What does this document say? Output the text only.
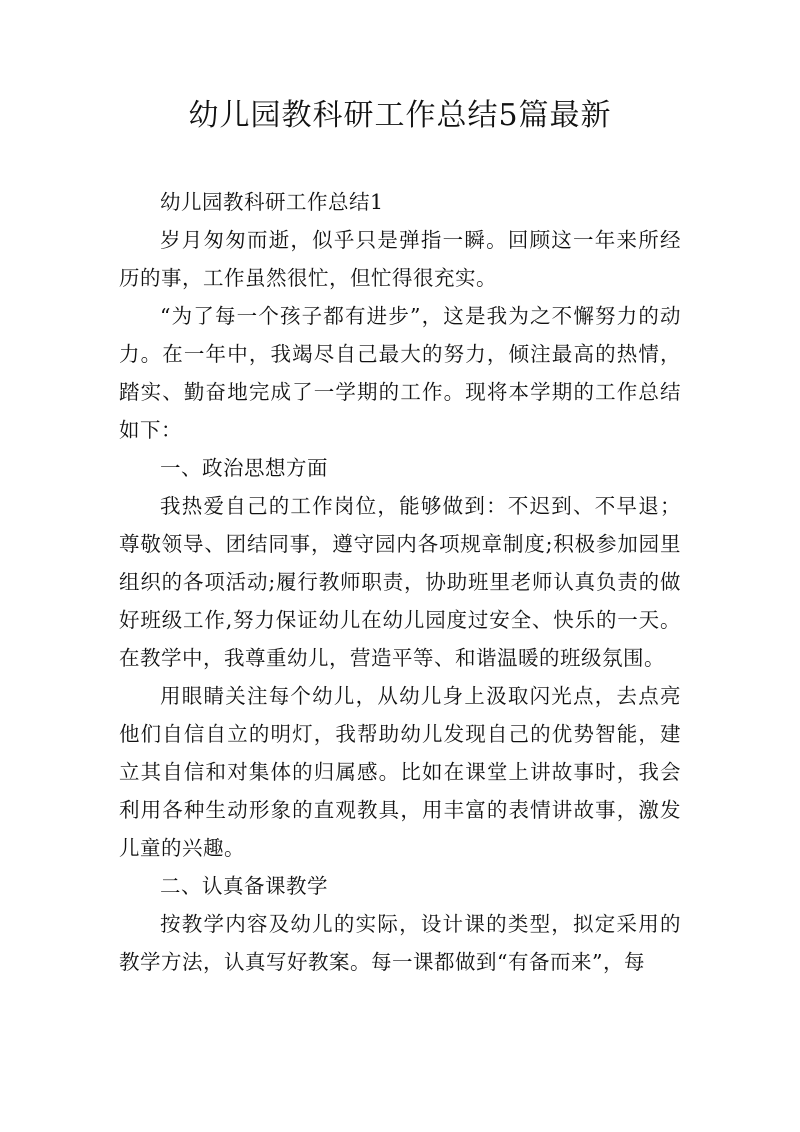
幼儿园教科研工作总结5篇最新

幼儿园教科研工作总结1

岁月匆匆而逝，似乎只是弹指一瞬。回顾这一年来所经历的事，工作虽然很忙，但忙得很充实。

“为了每一个孩子都有进步”，这是我为之不懈努力的动力。在一年中，我竭尽自己最大的努力，倾注最高的热情，踏实、勤奋地完成了一学期的工作。现将本学期的工作总结如下：

一、政治思想方面

我热爱自己的工作岗位，能够做到：不迟到、不早退；尊敬领导、团结同事，遵守园内各项规章制度;积极参加园里组织的各项活动;履行教师职责，协助班里老师认真负责的做好班级工作,努力保证幼儿在幼儿园度过安全、快乐的一天。在教学中，我尊重幼儿，营造平等、和谐温暖的班级氛围。

用眼睛关注每个幼儿，从幼儿身上汲取闪光点，去点亮他们自信自立的明灯，我帮助幼儿发现自己的优势智能，建立其自信和对集体的归属感。比如在课堂上讲故事时，我会利用各种生动形象的直观教具，用丰富的表情讲故事，激发儿童的兴趣。

二、认真备课教学

按教学内容及幼儿的实际，设计课的类型，拟定采用的教学方法，认真写好教案。每一课都做到“有备而来”，每
